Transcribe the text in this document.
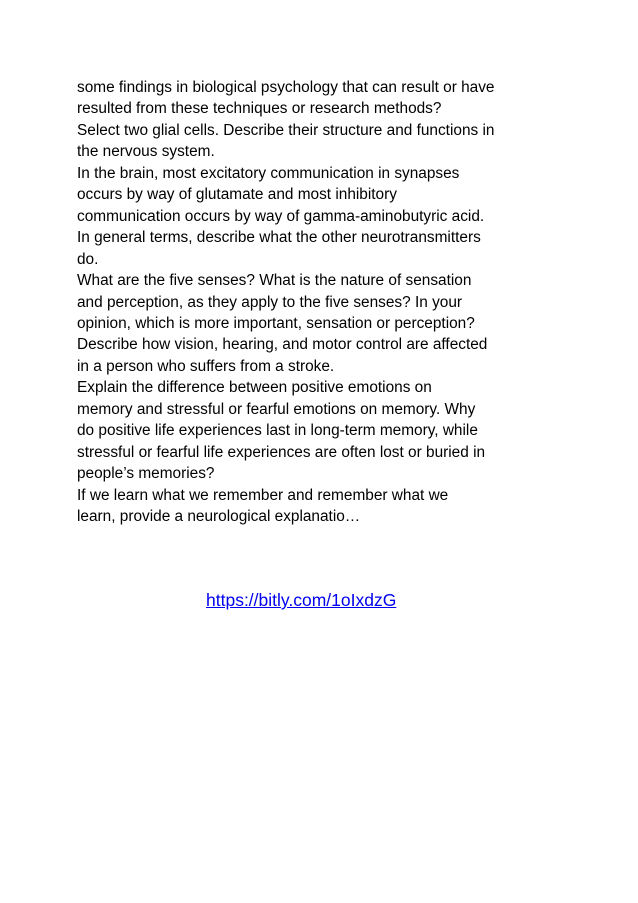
some findings in biological psychology that can result or have
resulted from these techniques or research methods?
Select two glial cells. Describe their structure and functions in
the nervous system.
In the brain, most excitatory communication in synapses
occurs by way of glutamate and most inhibitory
communication occurs by way of gamma-aminobutyric acid.
In general terms, describe what the other neurotransmitters
do.
What are the five senses? What is the nature of sensation
and perception, as they apply to the five senses? In your
opinion, which is more important, sensation or perception?
Describe how vision, hearing, and motor control are affected
in a person who suffers from a stroke.
Explain the difference between positive emotions on
memory and stressful or fearful emotions on memory. Why
do positive life experiences last in long-term memory, while
stressful or fearful life experiences are often lost or buried in
people’s memories?
If we learn what we remember and remember what we
learn, provide a neurological explanatio…
https://bitly.com/1oIxdzG
